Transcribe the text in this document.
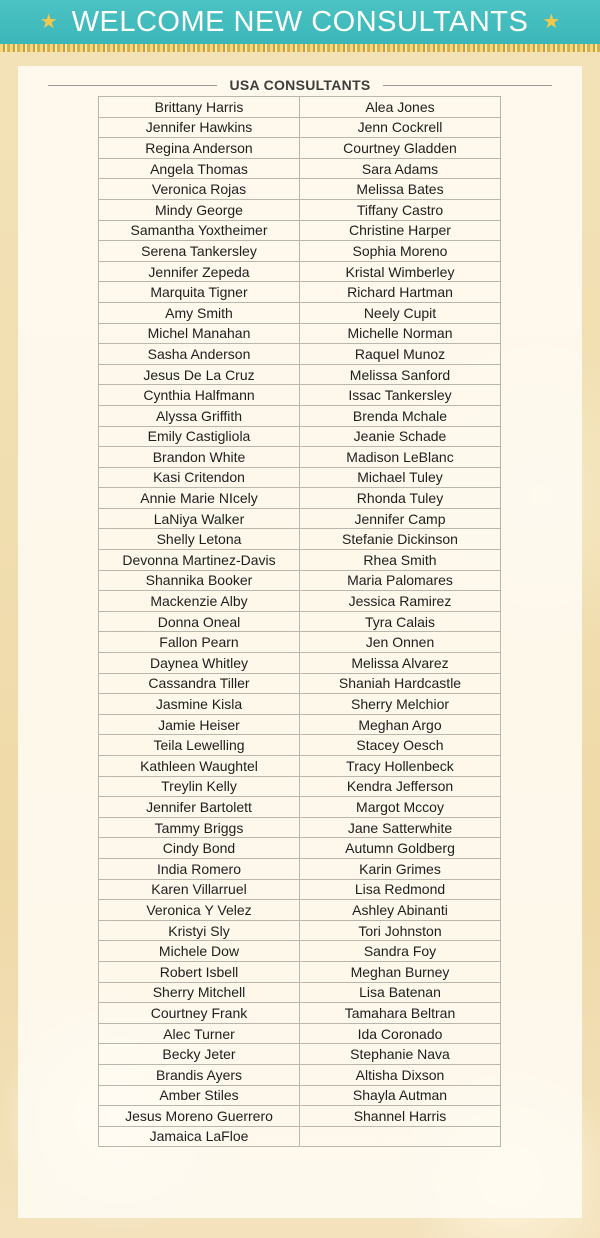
★ WELCOME NEW CONSULTANTS ★
USA CONSULTANTS
Brittany Harris	Alea Jones
Jennifer Hawkins	Jenn Cockrell
Regina Anderson	Courtney Gladden
Angela Thomas	Sara Adams
Veronica Rojas	Melissa Bates
Mindy George	Tiffany Castro
Samantha Yoxtheimer	Christine Harper
Serena Tankersley	Sophia Moreno
Jennifer Zepeda	Kristal Wimberley
Marquita Tigner	Richard Hartman
Amy Smith	Neely Cupit
Michel Manahan	Michelle Norman
Sasha Anderson	Raquel Munoz
Jesus De La Cruz	Melissa Sanford
Cynthia Halfmann	Issac Tankersley
Alyssa Griffith	Brenda Mchale
Emily Castigliola	Jeanie Schade
Brandon White	Madison LeBlanc
Kasi Critendon	Michael Tuley
Annie Marie NIcely	Rhonda Tuley
LaNiya Walker	Jennifer Camp
Shelly Letona	Stefanie Dickinson
Devonna Martinez-Davis	Rhea Smith
Shannika Booker	Maria Palomares
Mackenzie Alby	Jessica Ramirez
Donna Oneal	Tyra Calais
Fallon Pearn	Jen Onnen
Daynea Whitley	Melissa Alvarez
Cassandra Tiller	Shaniah Hardcastle
Jasmine Kisla	Sherry Melchior
Jamie Heiser	Meghan Argo
Teila Lewelling	Stacey Oesch
Kathleen Waughtel	Tracy Hollenbeck
Treylin Kelly	Kendra Jefferson
Jennifer Bartolett	Margot Mccoy
Tammy Briggs	Jane Satterwhite
Cindy Bond	Autumn Goldberg
India Romero	Karin Grimes
Karen Villarruel	Lisa Redmond
Veronica Y Velez	Ashley Abinanti
Kristyi Sly	Tori Johnston
Michele Dow	Sandra Foy
Robert Isbell	Meghan Burney
Sherry Mitchell	Lisa Batenan
Courtney Frank	Tamahara Beltran
Alec Turner	Ida Coronado
Becky Jeter	Stephanie Nava
Brandis Ayers	Altisha Dixson
Amber Stiles	Shayla Autman
Jesus Moreno Guerrero	Shannel Harris
Jamaica LaFloe	
